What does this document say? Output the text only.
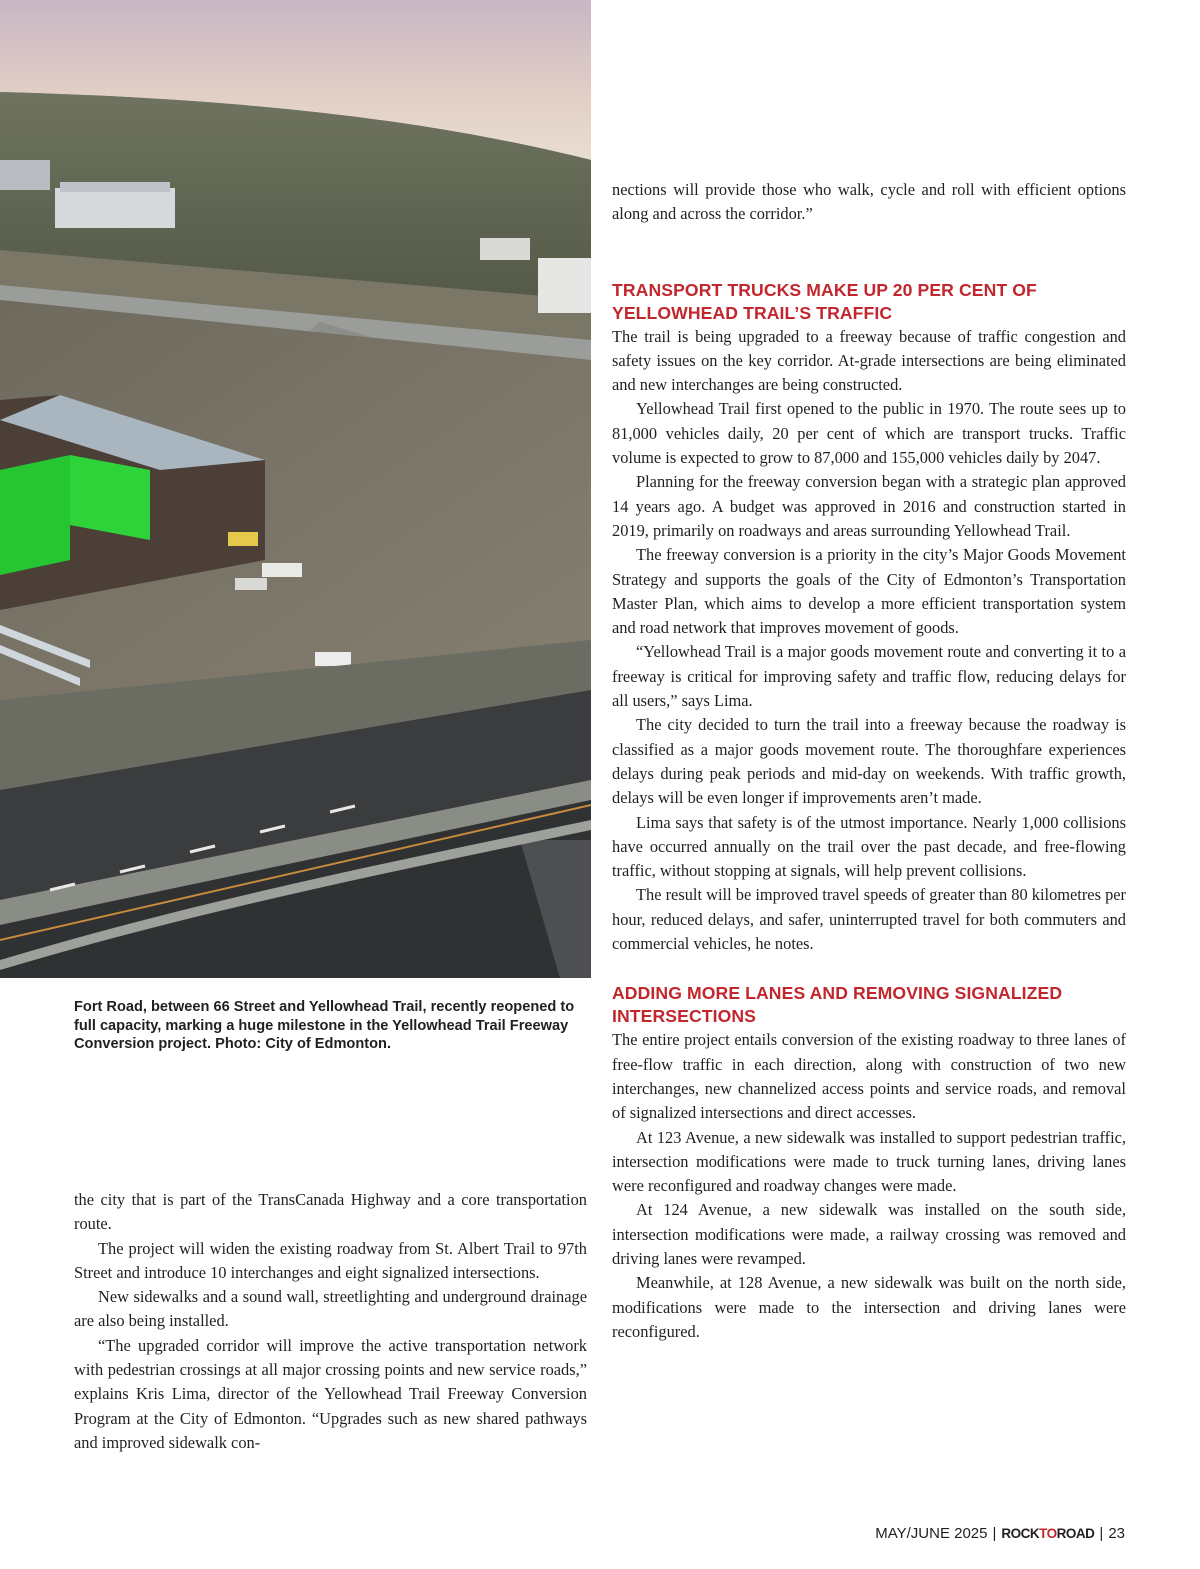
Fort Road, between 66 Street and Yellowhead Trail, recently reopened to full capacity, marking a huge milestone in the Yellowhead Trail Freeway Conversion project. Photo: City of Edmonton.

the city that is part of the TransCanada Highway and a core transportation route.

The project will widen the existing roadway from St. Albert Trail to 97th Street and introduce 10 interchanges and eight signalized intersections.

New sidewalks and a sound wall, streetlighting and underground drainage are also being installed.

“The upgraded corridor will improve the active transportation network with pedestrian crossings at all major crossing points and new service roads,” explains Kris Lima, director of the Yellowhead Trail Freeway Conversion Program at the City of Edmonton. “Upgrades such as new shared pathways and improved sidewalk con-

nections will provide those who walk, cycle and roll with efficient options along and across the corridor.”

TRANSPORT TRUCKS MAKE UP 20 PER CENT OF YELLOWHEAD TRAIL’S TRAFFIC

The trail is being upgraded to a freeway because of traffic congestion and safety issues on the key corridor. At-grade intersections are being eliminated and new interchanges are being constructed.

Yellowhead Trail first opened to the public in 1970. The route sees up to 81,000 vehicles daily, 20 per cent of which are transport trucks. Traffic volume is expected to grow to 87,000 and 155,000 vehicles daily by 2047.

Planning for the freeway conversion began with a strategic plan approved 14 years ago. A budget was approved in 2016 and construction started in 2019, primarily on roadways and areas surrounding Yellowhead Trail.

The freeway conversion is a priority in the city’s Major Goods Movement Strategy and supports the goals of the City of Edmonton’s Transportation Master Plan, which aims to develop a more efficient transportation system and road network that improves movement of goods.

“Yellowhead Trail is a major goods movement route and converting it to a freeway is critical for improving safety and traffic flow, reducing delays for all users,” says Lima.

The city decided to turn the trail into a freeway because the roadway is classified as a major goods movement route. The thoroughfare experiences delays during peak periods and mid-day on weekends. With traffic growth, delays will be even longer if improvements aren’t made.

Lima says that safety is of the utmost importance. Nearly 1,000 collisions have occurred annually on the trail over the past decade, and free-flowing traffic, without stopping at signals, will help prevent collisions.

The result will be improved travel speeds of greater than 80 kilometres per hour, reduced delays, and safer, uninterrupted travel for both commuters and commercial vehicles, he notes.

ADDING MORE LANES AND REMOVING SIGNALIZED INTERSECTIONS

The entire project entails conversion of the existing roadway to three lanes of free-flow traffic in each direction, along with construction of two new interchanges, new channelized access points and service roads, and removal of signalized intersections and direct accesses.

At 123 Avenue, a new sidewalk was installed to support pedestrian traffic, intersection modifications were made to truck turning lanes, driving lanes were reconfigured and roadway changes were made.

At 124 Avenue, a new sidewalk was installed on the south side, intersection modifications were made, a railway crossing was removed and driving lanes were revamped.

Meanwhile, at 128 Avenue, a new sidewalk was built on the north side, modifications were made to the intersection and driving lanes were reconfigured.

MAY/JUNE 2025 | ROCKTOROAD | 23
